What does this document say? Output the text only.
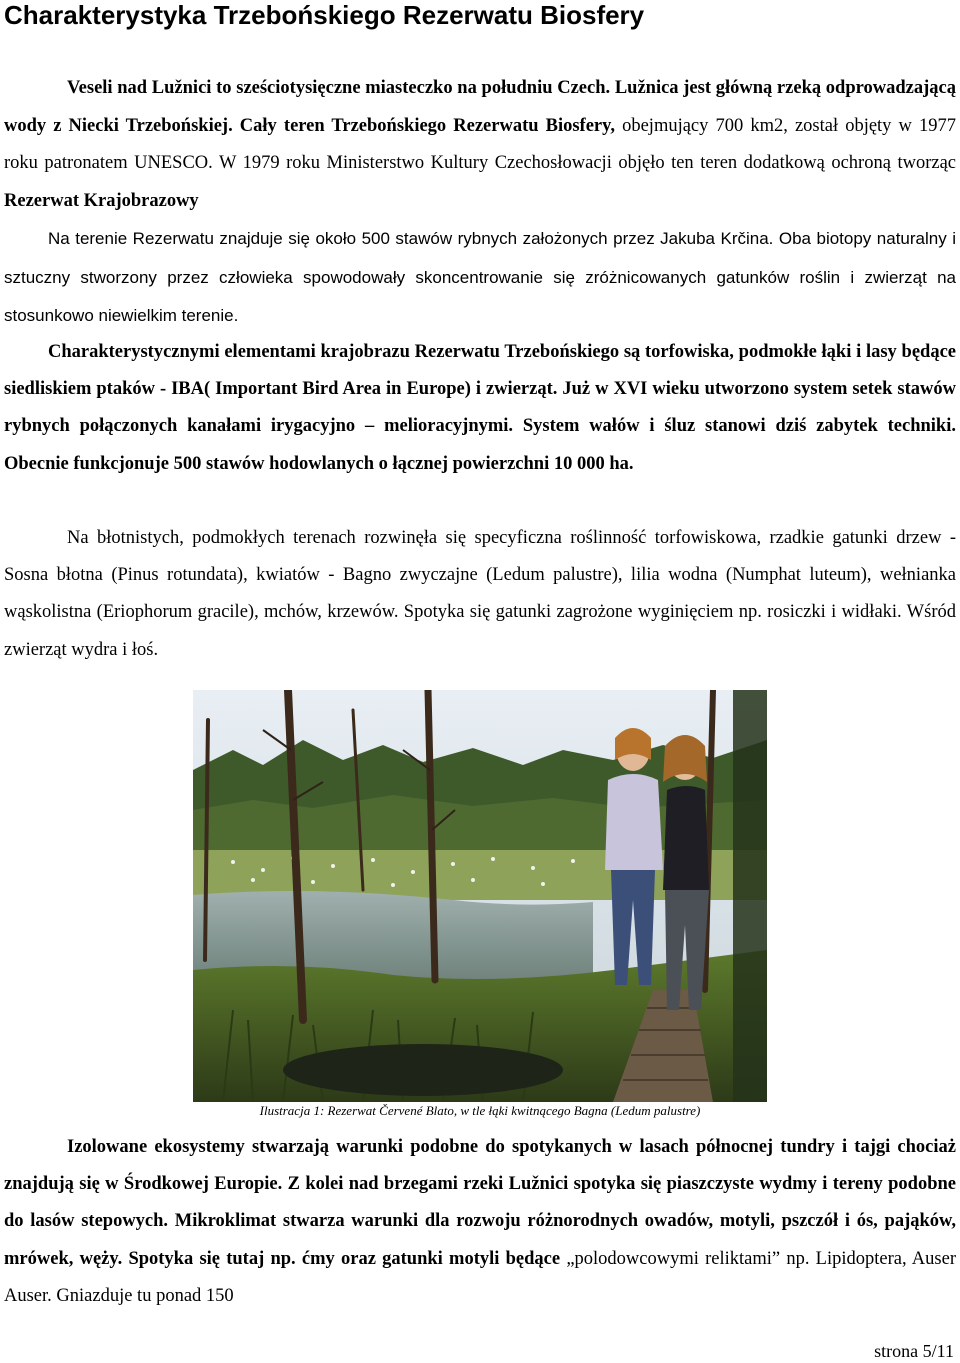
Charakterystyka Trzebońskiego Rezerwatu Biosfery

Veseli nad Lužnici to sześciotysięczne miasteczko na południu Czech. Lužnica jest główną rzeką odprowadzającą wody z Niecki Trzebońskiej. Cały teren Trzebońskiego Rezerwatu Biosfery, obejmujący 700 km2, został objęty w 1977 roku patronatem UNESCO. W 1979 roku Ministerstwo Kultury Czechosłowacji objęło ten teren dodatkową ochroną tworząc Rezerwat Krajobrazowy

Na terenie Rezerwatu znajduje się około 500 stawów rybnych założonych przez Jakuba Krčina. Oba biotopy naturalny i sztuczny stworzony przez człowieka spowodowały skoncentrowanie się zróżnicowanych gatunków roślin i zwierząt na stosunkowo niewielkim terenie.

Charakterystycznymi elementami krajobrazu Rezerwatu Trzebońskiego są torfowiska, podmokłe łąki i lasy będące siedliskiem ptaków - IBA( Important Bird Area in Europe) i zwierząt. Już w XVI wieku utworzono system setek stawów rybnych połączonych kanałami irygacyjno – melioracyjnymi. System wałów i śluz stanowi dziś zabytek techniki. Obecnie funkcjonuje 500 stawów hodowlanych o łącznej powierzchni 10 000 ha.

Na błotnistych, podmokłych terenach rozwinęła się specyficzna roślinność torfowiskowa, rzadkie gatunki drzew - Sosna błotna (Pinus rotundata), kwiatów - Bagno zwyczajne (Ledum palustre), lilia wodna (Numphat luteum), wełnianka wąskolistna (Eriophorum gracile), mchów, krzewów. Spotyka się gatunki zagrożone wyginięciem np. rosiczki i widłaki. Wśród zwierząt wydra i łoś.

Ilustracja 1: Rezerwat Červené Blato, w tle łąki kwitnącego Bagna (Ledum palustre)

Izolowane ekosystemy stwarzają warunki podobne do spotykanych w lasach północnej tundry i tajgi chociaż znajdują się w Środkowej Europie. Z kolei nad brzegami rzeki Lužnici spotyka się piaszczyste wydmy i tereny podobne do lasów stepowych. Mikroklimat stwarza warunki dla rozwoju różnorodnych owadów, motyli, pszczół i ós, pająków, mrówek, węży. Spotyka się tutaj np. ćmy oraz gatunki motyli będące „polodowcowymi reliktami” np. Lipidoptera, Auser Auser. Gniazduje tu ponad 150

strona 5/11
